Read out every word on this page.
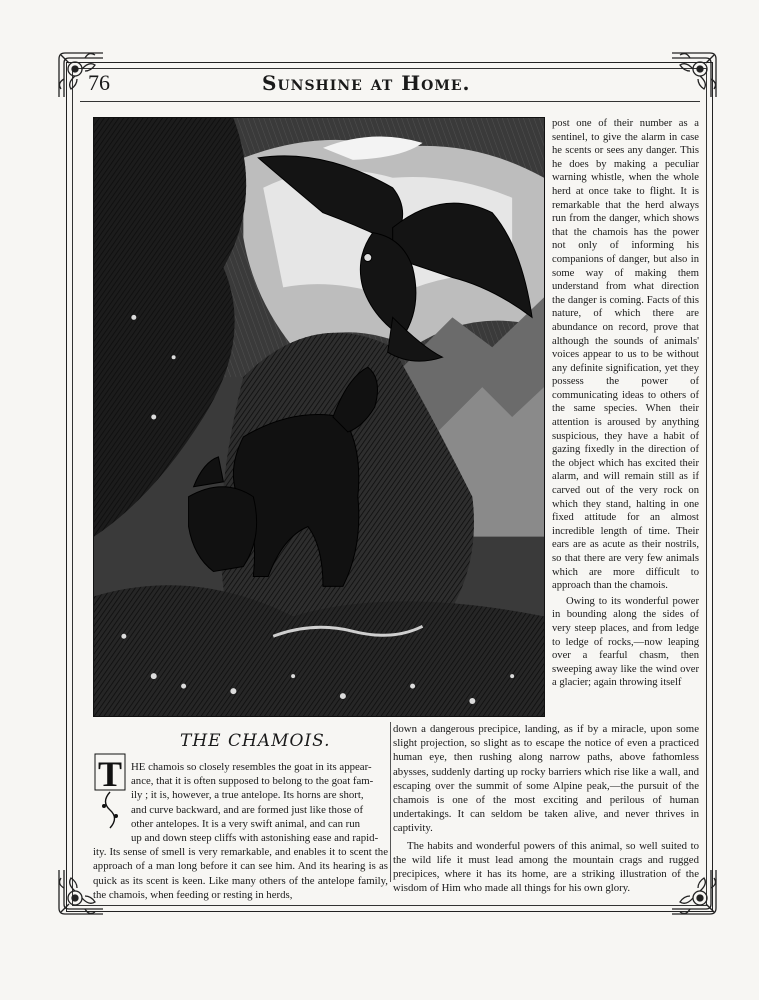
76	Sunshine at Home.

post one of their number as a sentinel, to give the alarm in case he scents or sees any danger. This he does by making a peculiar warning whistle, when the whole herd at once take to flight. It is remarkable that the herd always run from the danger, which shows that the chamois has the power not only of informing his companions of danger, but also in some way of making them understand from what direction the danger is coming. Facts of this nature, of which there are abundance on record, prove that although the sounds of animals' voices appear to us to be without any definite signification, yet they possess the power of communicating ideas to others of the same species. When their attention is aroused by anything suspicious, they have a habit of gazing fixedly in the direction of the object which has excited their alarm, and will remain still as if carved out of the very rock on which they stand, halting in one fixed attitude for an almost incredible length of time. Their ears are as acute as their nostrils, so that there are very few animals which are more difficult to approach than the chamois.

Owing to its wonderful power in bounding along the sides of very steep places, and from ledge to ledge of rocks,—now leaping over a fearful chasm, then sweeping away like the wind over a glacier; again throwing itself

THE CHAMOIS.
T HE chamois so closely resembles the goat in its appear-
ance, that it is often supposed to belong to the goat fam-
ily ; it is, however, a true antelope. Its horns are short,
and curve backward, and are formed just like those of
other antelopes. It is a very swift animal, and can run
up and down steep cliffs with astonishing ease and rapid-
ity. Its sense of smell is very remarkable, and enables it to scent the approach of a man long before it can see him. And its hearing is as quick as its scent is keen. Like many others of the antelope family, the chamois, when feeding or resting in herds,

down a dangerous precipice, landing, as if by a miracle, upon some slight projection, so slight as to escape the notice of even a practiced human eye, then rushing along narrow paths, above fathomless abysses, suddenly darting up rocky barriers which rise like a wall, and escaping over the summit of some Alpine peak,—the pursuit of the chamois is one of the most exciting and perilous of human undertakings. It can seldom be taken alive, and never thrives in captivity.

The habits and wonderful powers of this animal, so well suited to the wild life it must lead among the mountain crags and rugged precipices, where it has its home, are a striking illustration of the wisdom of Him who made all things for his own glory.
